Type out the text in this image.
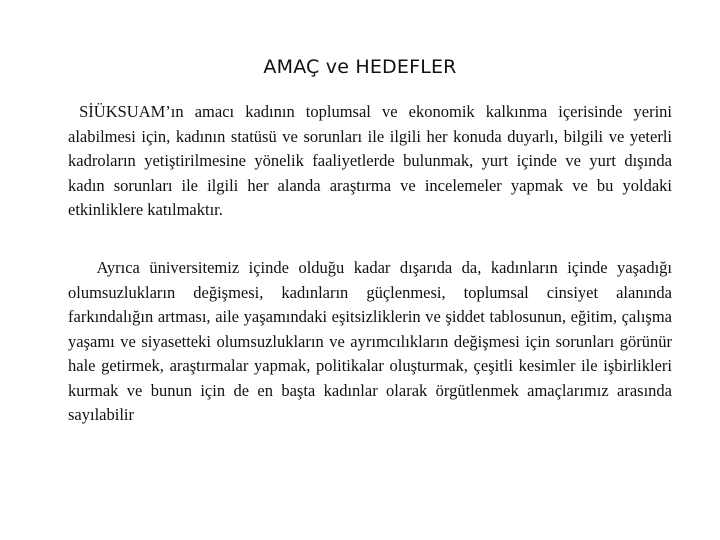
AMAÇ ve HEDEFLER

SİÜKSUAM’ın amacı kadının toplumsal ve ekonomik kalkınma içerisinde yerini alabilmesi için, kadının statüsü ve sorunları ile ilgili her konuda duyarlı, bilgili ve yeterli kadroların yetiştirilmesine yönelik faaliyetlerde bulunmak, yurt içinde ve yurt dışında kadın sorunları ile ilgili her alanda araştırma ve incelemeler yapmak ve bu yoldaki etkinliklere katılmaktır.

Ayrıca üniversitemiz içinde olduğu kadar dışarıda da, kadınların içinde yaşadığı olumsuzlukların değişmesi, kadınların güçlenmesi, toplumsal cinsiyet alanında farkındalığın artması, aile yaşamındaki eşitsizliklerin ve şiddet tablosunun, eğitim, çalışma yaşamı ve siyasetteki olumsuzlukların ve ayrımcılıkların değişmesi için sorunları görünür hale getirmek, araştırmalar yapmak, politikalar oluşturmak, çeşitli kesimler ile işbirlikleri kurmak ve bunun için de en başta kadınlar olarak örgütlenmek amaçlarımız arasında sayılabilir
